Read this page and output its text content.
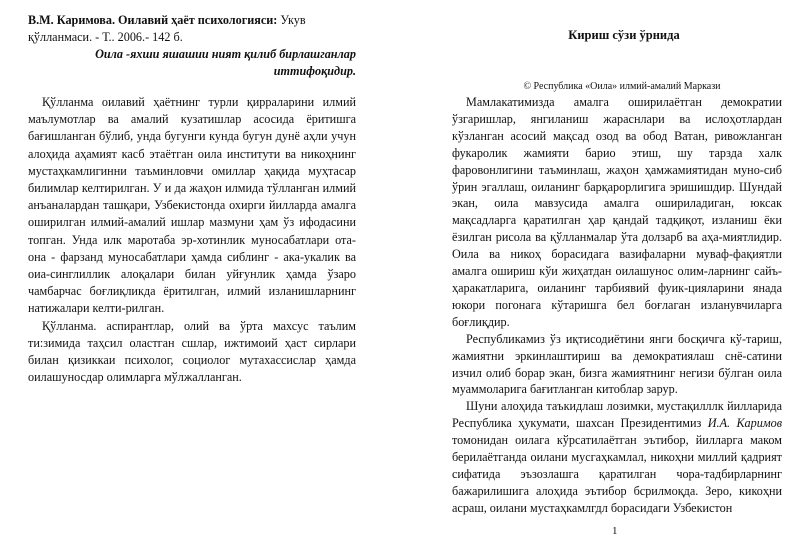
В.М. Каримова. Оилавий ҳаёт психологияси: Укув қўлланмаси. - Т.. 2006.- 142 б.

Оила -яхши яшашии ният қилиб бирлашганлар иттифоқидир.

Қўлланма оилавий ҳаётнинг турли қирраларини илмий маълумотлар ва амалий кузатишлар асосида ёритишга бағишланган бўлиб, унда бугунги кунда бугун дунё аҳли учун алоҳида аҳамият касб этаётган оила институти ва никоҳнинг мустаҳкамлигинни таъминловчи омиллар ҳақида муҳтасар билимлар келтирилган. У и да жаҳон илмида тўлланган илмий анъаналардан ташқари, Узбекистонда охирги йилларда амалга оширилган илмий-амалий ишлар мазмуни ҳам ўз ифодасини топган. Унда илк маротаба эр-хотинлик муносабатлари ота-она - фарзанд муносабатлари ҳамда сиблинг - ака-укалик ва оиа-синглиллик алоқалари билан уйғунлик ҳамда ўзаро чамбарчас боғлиқликда ёритилган, илмий изланишларнинг натижалари келти-рилган.

Қўлланма. аспирантлар, олий ва ўрта махсус таълим ти:зимида таҳсил оластган сшлар, ижтимоий ҳаст сирлари билан қизиккаи психолог, социолог мутахассислар ҳамда оилашуносдар олимларга мўлжалланган.

Кириш сўзи ўрнида

© Республика «Оила» илмий-амалий Маркази

Мамлакатимизда амалга оширилаётган демократии ўзгаришлар, янгиланиш жараснлари ва ислоҳотлардан кўзланган асосий мақсад озод ва обод Ватан, ривожланган фукаролик жамияти барио этиш, шу тарзда халк фаровонлигини таъминлаш, жаҳон ҳамжамиятидан муно-сиб ўрин эгаллаш, оиланинг барқарорлигига эришишдир. Шундай экан, оила мавзусида амалга ошириладиган, юксак мақсадларга қаратилган ҳар қандай тадқиқот, изланиш ёки ёзилган рисола ва қўлланмалар ўта долзарб ва аҳа-миятлидир. Оила ва никоҳ борасидага вазифаларни мувaф-фақиятли амалга ошириш кўи жиҳатдан оилашунос олим-ларнинг сайъ-ҳаракатларига, оиланинг тарбиявий фуик-цияларини янада юкори погонага кўтаришга бел боғлаган изланувчиларга боғлиқдир.

Республикамиз ўз иқтисодиётини янги босқичга кў-тариш, жамиятни эркинлаштириш ва демократиялаш снё-сатини изчил олиб борар экан, бизга жамиятнинг негизи бўлган оила муаммоларига бағитланган китоблар зарур.

Шуни алоҳида таъкидлаш лозимки, мустақилллк йилларида Республика ҳукумати, шахсан Президентимиз И.А. Каримов томонидан оилага кўрсатилаётган эътибор, йилларга маком берилаётганда оилани мусгаҳкамлал, никоҳни миллий қадрият сифатида эъзозлашга қаратилган чора-тадбирларнинг бажарилишига алоҳида эътибор бсрилмоқда. Зеро, кикоҳни асраш, оилани мустаҳкамлгдл борасидаги Узбекистон

1
